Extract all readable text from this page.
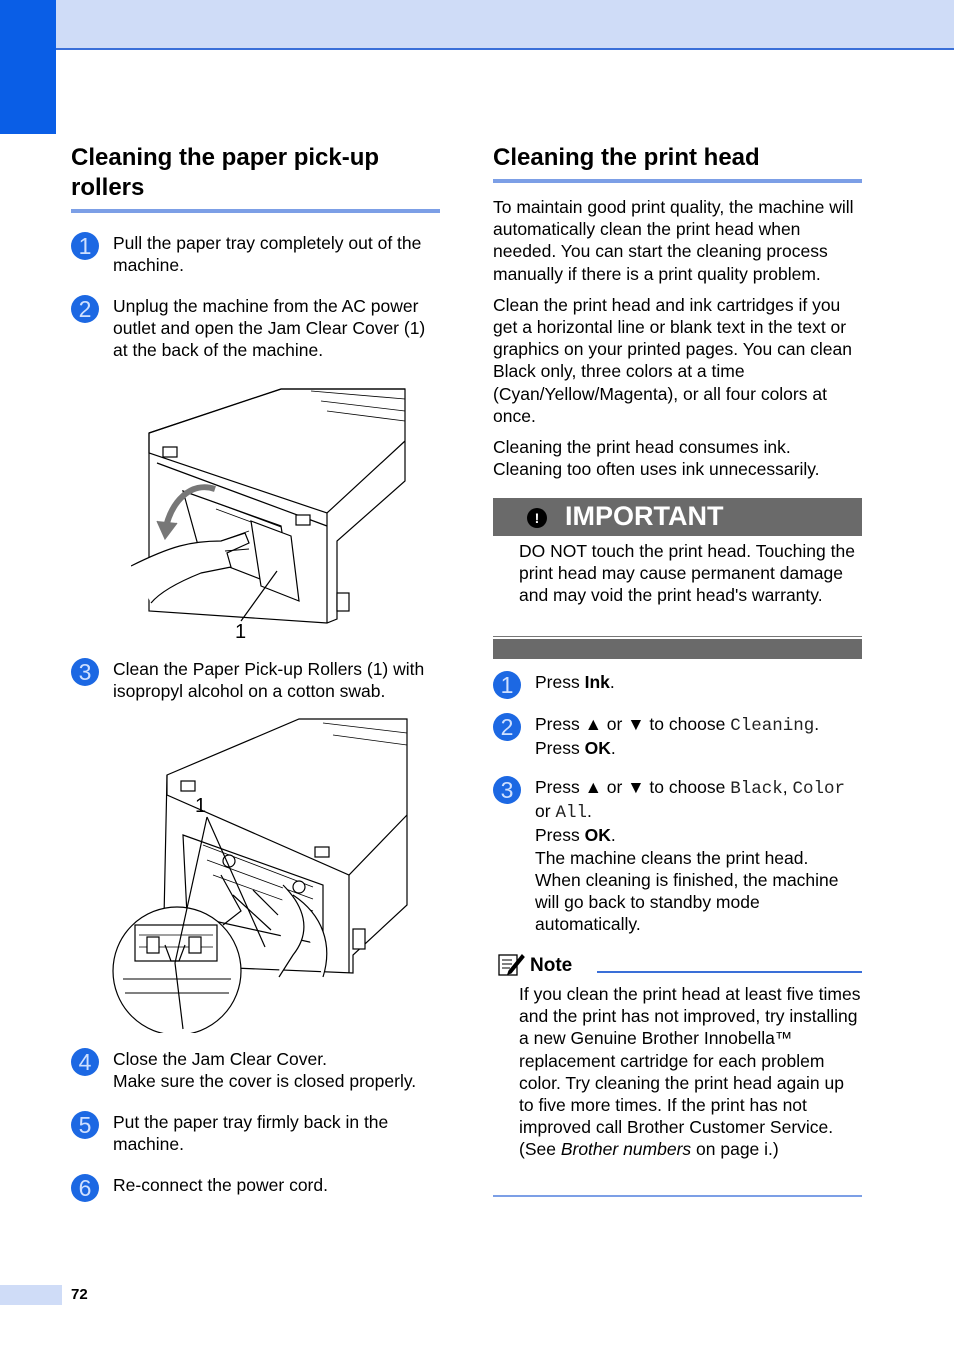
Cleaning the paper pick-up rollers
1	Pull the paper tray completely out of the machine.
2	Unplug the machine from the AC power outlet and open the Jam Clear Cover (1) at the back of the machine.
1
3	Clean the Paper Pick-up Rollers (1) with isopropyl alcohol on a cotton swab.
1
4	Close the Jam Clear Cover.
Make sure the cover is closed properly.
5	Put the paper tray firmly back in the machine.
6	Re-connect the power cord.
Cleaning the print head
To maintain good print quality, the machine will automatically clean the print head when needed. You can start the cleaning process manually if there is a print quality problem.
Clean the print head and ink cartridges if you get a horizontal line or blank text in the text or graphics on your printed pages. You can clean Black only, three colors at a time (Cyan/Yellow/Magenta), or all four colors at once.
Cleaning the print head consumes ink. Cleaning too often uses ink unnecessarily.
! IMPORTANT
DO NOT touch the print head. Touching the print head may cause permanent damage and may void the print head's warranty.
1	Press Ink.
2	Press ▲ or ▼ to choose Cleaning.
Press OK.
3	Press ▲ or ▼ to choose Black, Color or All.
Press OK.
The machine cleans the print head.
When cleaning is finished, the machine will go back to standby mode automatically.
Note
If you clean the print head at least five times and the print has not improved, try installing a new Genuine Brother Innobella™ replacement cartridge for each problem color. Try cleaning the print head again up to five more times. If the print has not improved call Brother Customer Service. (See Brother numbers on page i.)
72
